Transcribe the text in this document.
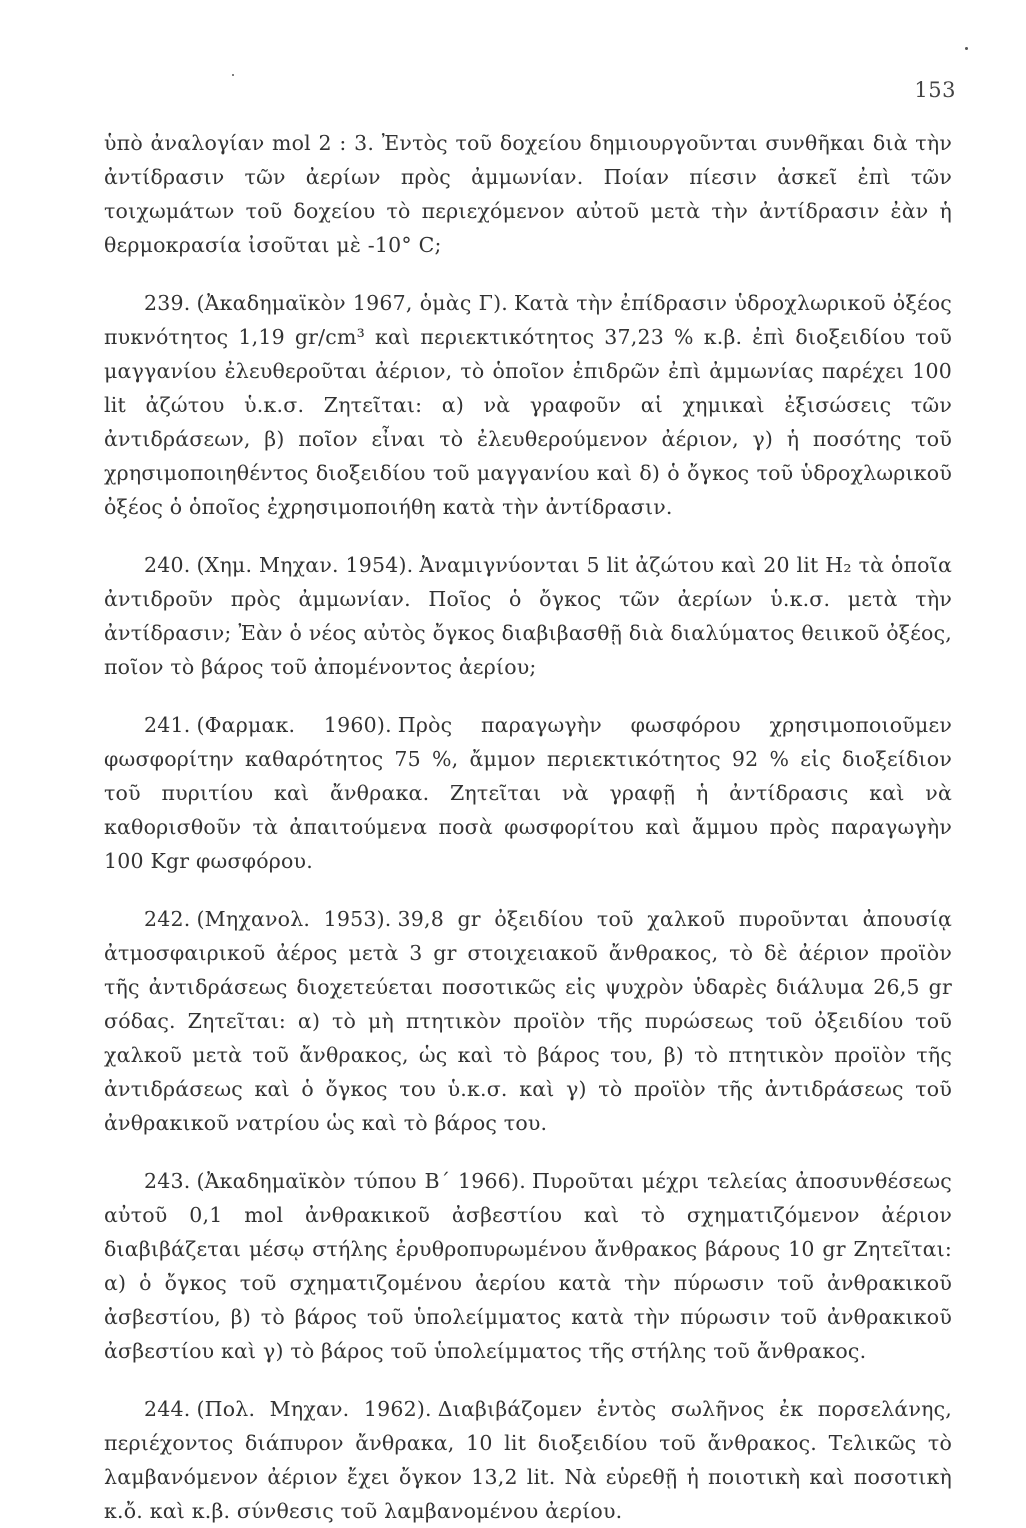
153

ὑπὸ ἀναλογίαν mol 2 : 3. Ἐντὸς τοῦ δοχείου δημιουργοῦνται συνθῆκαι διὰ τὴν ἀντίδρασιν τῶν ἀερίων πρὸς ἀμμωνίαν. Ποίαν πίεσιν ἀσκεῖ ἐπὶ τῶν τοιχωμάτων τοῦ δοχείου τὸ περιεχόμενον αὐτοῦ μετὰ τὴν ἀντίδρασιν ἐὰν ἡ θερμοκρασία ἰσοῦται μὲ -10° C;

239. (Ἀκαδημαϊκὸν 1967, ὁμὰς Γ). Κατὰ τὴν ἐπίδρασιν ὑδροχλωρικοῦ ὀξέος πυκνότητος 1,19 gr/cm³ καὶ περιεκτικότητος 37,23 % κ.β. ἐπὶ διοξειδίου τοῦ μαγγανίου ἐλευθεροῦται ἀέριον, τὸ ὁποῖον ἐπιδρῶν ἐπὶ ἀμμωνίας παρέχει 100 lit ἀζώτου ὑ.κ.σ. Ζητεῖται: α) νὰ γραφοῦν αἱ χημικαὶ ἐξισώσεις τῶν ἀντιδράσεων, β) ποῖον εἶναι τὸ ἐλευθερούμενον ἀέριον, γ) ἡ ποσότης τοῦ χρησιμοποιηθέντος διοξειδίου τοῦ μαγγανίου καὶ δ) ὁ ὄγκος τοῦ ὑδροχλωρικοῦ ὀξέος ὁ ὁποῖος ἐχρησιμοποιήθη κατὰ τὴν ἀντίδρασιν.

240. (Χημ. Μηχαν. 1954). Ἀναμιγνύονται 5 lit ἀζώτου καὶ 20 lit H₂ τὰ ὁποῖα ἀντιδροῦν πρὸς ἀμμωνίαν. Ποῖος ὁ ὄγκος τῶν ἀερίων ὑ.κ.σ. μετὰ τὴν ἀντίδρασιν; Ἐὰν ὁ νέος αὐτὸς ὄγκος διαβιβασθῇ διὰ διαλύματος θειικοῦ ὀξέος, ποῖον τὸ βάρος τοῦ ἀπομένοντος ἀερίου;

241. (Φαρμακ. 1960). Πρὸς παραγωγὴν φωσφόρου χρησιμοποιοῦμεν φωσφορίτην καθαρότητος 75 %, ἄμμον περιεκτικότητος 92 % εἰς διοξείδιον τοῦ πυριτίου καὶ ἄνθρακα. Ζητεῖται νὰ γραφῇ ἡ ἀντίδρασις καὶ νὰ καθορισθοῦν τὰ ἀπαιτούμενα ποσὰ φωσφορίτου καὶ ἄμμου πρὸς παραγωγὴν 100 Kgr φωσφόρου.

242. (Μηχανολ. 1953). 39,8 gr ὀξειδίου τοῦ χαλκοῦ πυροῦνται ἀπουσίᾳ ἀτμοσφαιρικοῦ ἀέρος μετὰ 3 gr στοιχειακοῦ ἄνθρακος, τὸ δὲ ἀέριον προϊὸν τῆς ἀντιδράσεως διοχετεύεται ποσοτικῶς εἰς ψυχρὸν ὑδαρὲς διάλυμα 26,5 gr σόδας. Ζητεῖται: α) τὸ μὴ πτητικὸν προϊὸν τῆς πυρώσεως τοῦ ὀξειδίου τοῦ χαλκοῦ μετὰ τοῦ ἄνθρακος, ὡς καὶ τὸ βάρος του, β) τὸ πτητικὸν προϊὸν τῆς ἀντιδράσεως καὶ ὁ ὄγκος του ὑ.κ.σ. καὶ γ) τὸ προϊὸν τῆς ἀντιδράσεως τοῦ ἀνθρακικοῦ νατρίου ὡς καὶ τὸ βάρος του.

243. (Ἀκαδημαϊκὸν τύπου Β΄ 1966). Πυροῦται μέχρι τελείας ἀποσυνθέσεως αὐτοῦ 0,1 mol ἀνθρακικοῦ ἀσβεστίου καὶ τὸ σχηματιζόμενον ἀέριον διαβιβάζεται μέσῳ στήλης ἐρυθροπυρωμένου ἄνθρακος βάρους 10 gr Ζητεῖται: α) ὁ ὄγκος τοῦ σχηματιζομένου ἀερίου κατὰ τὴν πύρωσιν τοῦ ἀνθρακικοῦ ἀσβεστίου, β) τὸ βάρος τοῦ ὑπολείμματος κατὰ τὴν πύρωσιν τοῦ ἀνθρακικοῦ ἀσβεστίου καὶ γ) τὸ βάρος τοῦ ὑπολείμματος τῆς στήλης τοῦ ἄνθρακος.

244. (Πολ. Μηχαν. 1962). Διαβιβάζομεν ἐντὸς σωλῆνος ἐκ πορσελάνης, περιέχοντος διάπυρον ἄνθρακα, 10 lit διοξειδίου τοῦ ἄνθρακος. Τελικῶς τὸ λαμβανόμενον ἀέριον ἔχει ὄγκον 13,2 lit. Νὰ εὑρεθῇ ἡ ποιοτικὴ καὶ ποσοτικὴ κ.ὄ. καὶ κ.β. σύνθεσις τοῦ λαμβανομένου ἀερίου.
